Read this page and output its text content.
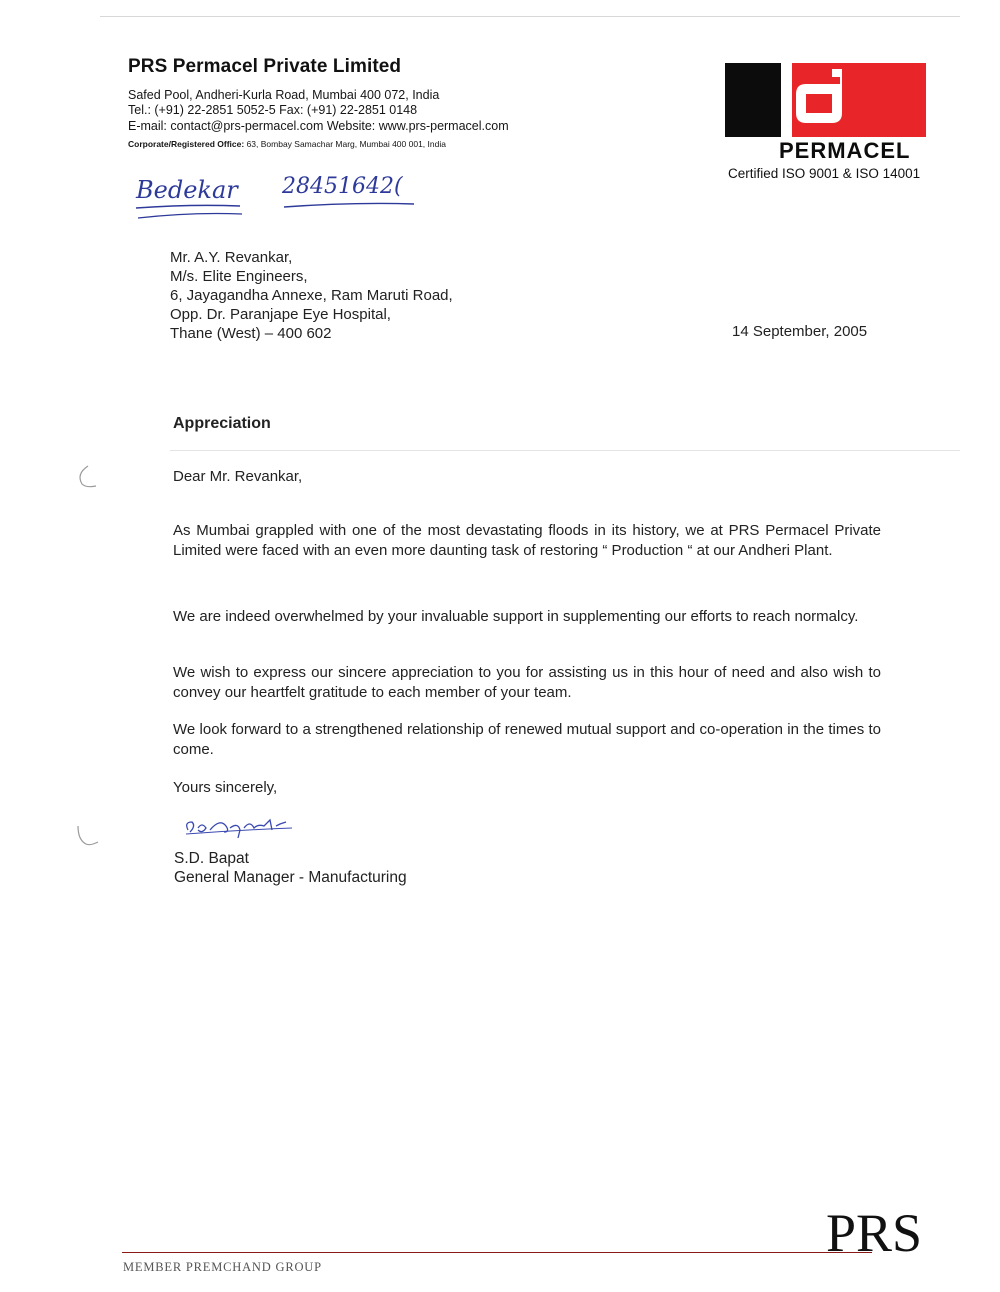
PRS Permacel Private Limited
Safed Pool, Andheri-Kurla Road, Mumbai 400 072, India
Tel.: (+91) 22-2851 5052-5 Fax: (+91) 22-2851 0148
E-mail: contact@prs-permacel.com Website: www.prs-permacel.com
Corporate/Registered Office: 63, Bombay Samachar Marg, Mumbai 400 001, India	PERMACEL
Certified ISO 9001 & ISO 14001
Bedekar 28451642(
Mr. A.Y. Revankar,
M/s. Elite Engineers,
6, Jayagandha Annexe, Ram Maruti Road,
Opp. Dr. Paranjape Eye Hospital,
Thane (West) – 400 602	14 September, 2005
Appreciation
Dear Mr. Revankar,
As Mumbai grappled with one of the most devastating floods in its history, we at PRS Permacel Private Limited were faced with an even more daunting task of restoring “ Production “ at our Andheri Plant.
We are indeed overwhelmed by your invaluable support in supplementing our efforts to reach normalcy.
We wish to express our sincere appreciation to you for assisting us in this hour of need and also wish to convey our heartfelt gratitude to each member of your team.
We look forward to a strengthened relationship of renewed mutual support and co-operation in the times to come.
Yours sincerely,
S.D. Bapat
General Manager - Manufacturing
MEMBER PREMCHAND GROUP
PRS
